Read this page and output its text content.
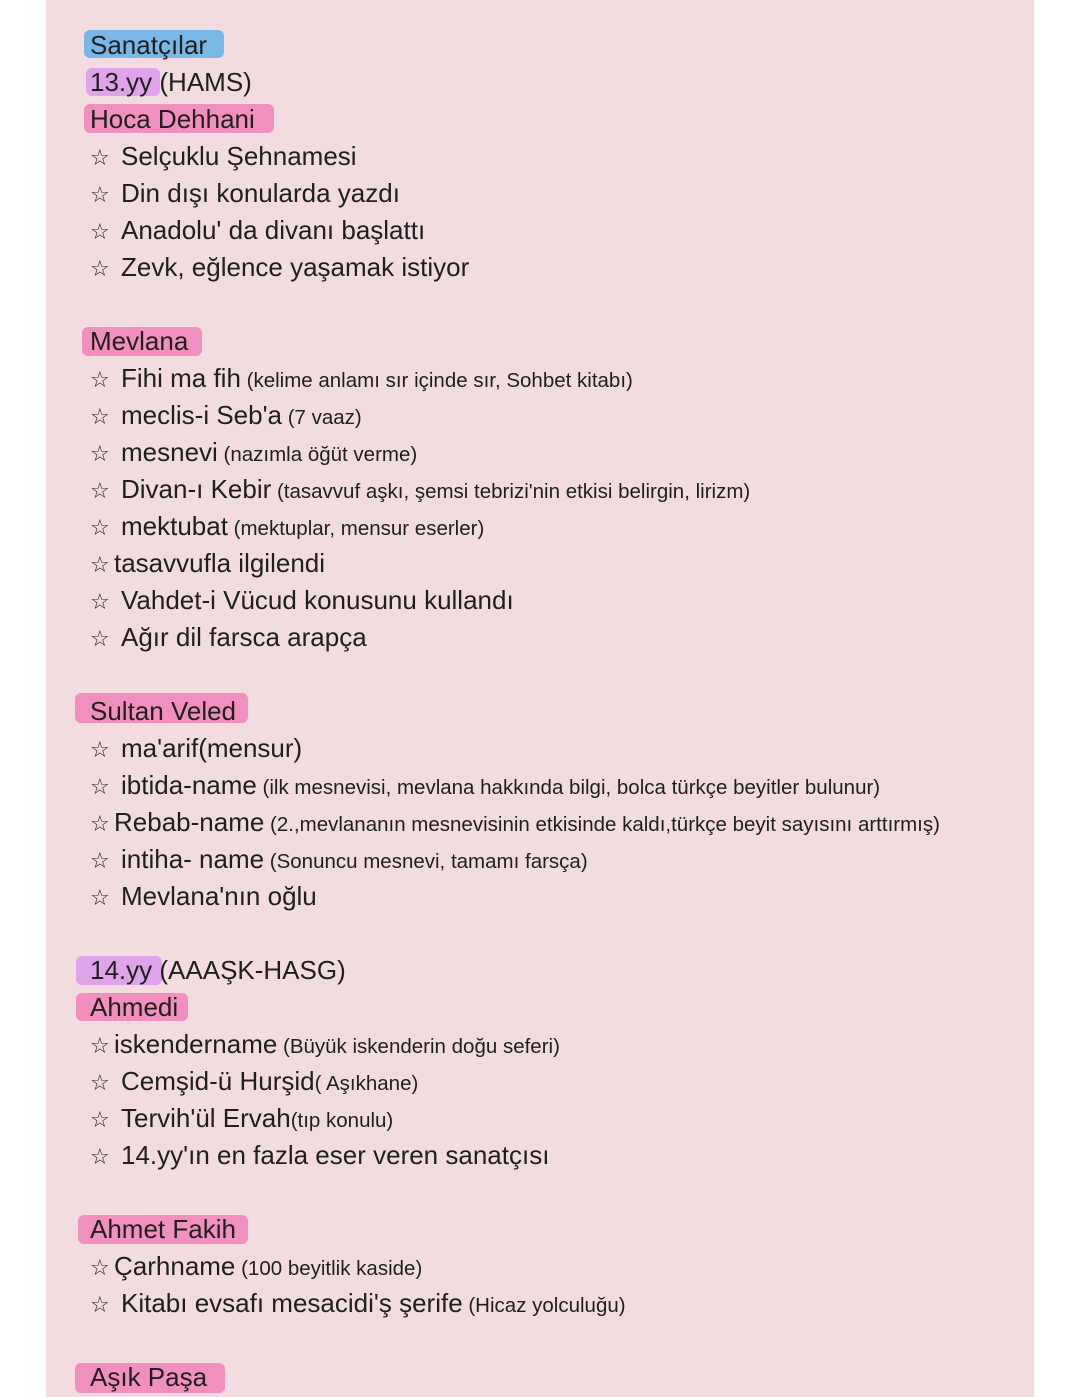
Sanatçılar
13.yy (HAMS)
Hoca Dehhani
☆ Selçuklu Şehnamesi
☆ Din dışı konularda yazdı
☆ Anadolu' da divanı başlattı
☆ Zevk, eğlence yaşamak istiyor
Mevlana
☆ Fihi ma fih (kelime anlamı sır içinde sır, Sohbet kitabı)
☆ meclis-i Seb'a (7 vaaz)
☆ mesnevi (nazımla öğüt verme)
☆ Divan-ı Kebir (tasavvuf aşkı, şemsi tebrizi'nin etkisi belirgin, lirizm)
☆ mektubat (mektuplar, mensur eserler)
☆ tasavvufla ilgilendi
☆ Vahdet-i Vücud konusunu kullandı
☆ Ağır dil farsca arapça
Sultan Veled
☆ ma'arif(mensur)
☆ ibtida-name (ilk mesnevisi, mevlana hakkında bilgi, bolca türkçe beyitler bulunur)
☆ Rebab-name (2.,mevlananın mesnevisinin etkisinde kaldı,türkçe beyit sayısını arttırmış)
☆ intiha- name (Sonuncu mesnevi, tamamı farsça)
☆ Mevlana'nın oğlu
14.yy (AAAŞK-HASG)
Ahmedi
☆ iskendername (Büyük iskenderin doğu seferi)
☆ Cemşid-ü Hurşid( Aşıkhane)
☆ Tervih'ül Ervah(tıp konulu)
☆ 14.yy'ın en fazla eser veren sanatçısı
Ahmet Fakih
☆ Çarhname (100 beyitlik kaside)
☆ Kitabı evsafı mesacidi'ş şerife (Hicaz yolculuğu)
Aşık Paşa
